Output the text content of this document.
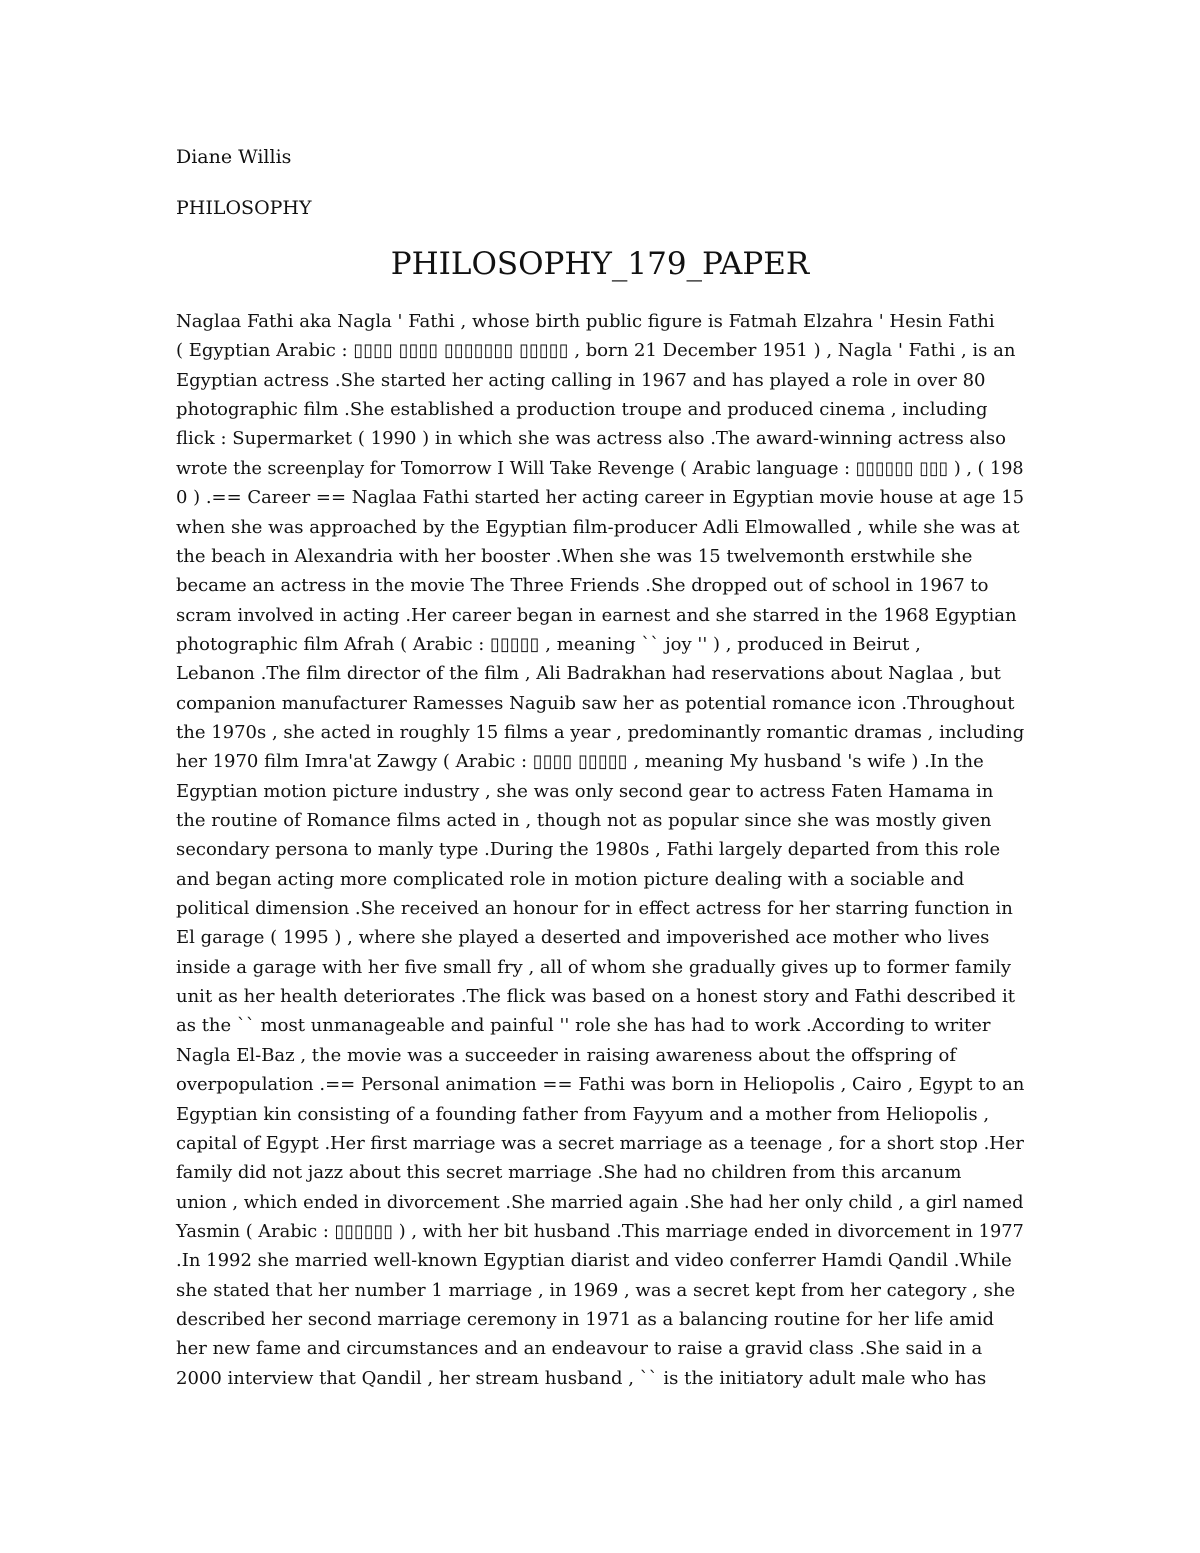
Diane Willis
PHILOSOPHY
PHILOSOPHY_179_PAPER
Naglaa Fathi aka Nagla ' Fathi , whose birth public figure is Fatmah Elzahra ' Hesin Fathi
( Egyptian Arabic : ▯▯▯▯ ▯▯▯▯ ▯▯▯▯▯▯▯ ▯▯▯▯▯ , born 21 December 1951 ) , Nagla ' Fathi , is an
Egyptian actress .She started her acting calling in 1967 and has played a role in over 80
photographic film .She established a production troupe and produced cinema , including
flick : Supermarket ( 1990 ) in which she was actress also .The award-winning actress also
wrote the screenplay for Tomorrow I Will Take Revenge ( Arabic language : ▯▯▯▯▯▯ ▯▯▯ ) , ( 198
0 ) .== Career == Naglaa Fathi started her acting career in Egyptian movie house at age 15
when she was approached by the Egyptian film-producer Adli Elmowalled , while she was at
the beach in Alexandria with her booster .When she was 15 twelvemonth erstwhile she
became an actress in the movie The Three Friends .She dropped out of school in 1967 to
scram involved in acting .Her career began in earnest and she starred in the 1968 Egyptian
photographic film Afrah ( Arabic : ▯▯▯▯▯ , meaning `` joy '' ) , produced in Beirut ,
Lebanon .The film director of the film , Ali Badrakhan had reservations about Naglaa , but
companion manufacturer Ramesses Naguib saw her as potential romance icon .Throughout
the 1970s , she acted in roughly 15 films a year , predominantly romantic dramas , including
her 1970 film Imra'at Zawgy ( Arabic : ▯▯▯▯ ▯▯▯▯▯ , meaning My husband 's wife ) .In the
Egyptian motion picture industry , she was only second gear to actress Faten Hamama in
the routine of Romance films acted in , though not as popular since she was mostly given
secondary persona to manly type .During the 1980s , Fathi largely departed from this role
and began acting more complicated role in motion picture dealing with a sociable and
political dimension .She received an honour for in effect actress for her starring function in
El garage ( 1995 ) , where she played a deserted and impoverished ace mother who lives
inside a garage with her five small fry , all of whom she gradually gives up to former family
unit as her health deteriorates .The flick was based on a honest story and Fathi described it
as the `` most unmanageable and painful '' role she has had to work .According to writer
Nagla El-Baz , the movie was a succeeder in raising awareness about the offspring of
overpopulation .== Personal animation == Fathi was born in Heliopolis , Cairo , Egypt to an
Egyptian kin consisting of a founding father from Fayyum and a mother from Heliopolis ,
capital of Egypt .Her first marriage was a secret marriage as a teenage , for a short stop .Her
family did not jazz about this secret marriage .She had no children from this arcanum
union , which ended in divorcement .She married again .She had her only child , a girl named
Yasmin ( Arabic : ▯▯▯▯▯▯ ) , with her bit husband .This marriage ended in divorcement in 1977
.In 1992 she married well-known Egyptian diarist and video conferrer Hamdi Qandil .While
she stated that her number 1 marriage , in 1969 , was a secret kept from her category , she
described her second marriage ceremony in 1971 as a balancing routine for her life amid
her new fame and circumstances and an endeavour to raise a gravid class .She said in a
2000 interview that Qandil , her stream husband , `` is the initiatory adult male who has
